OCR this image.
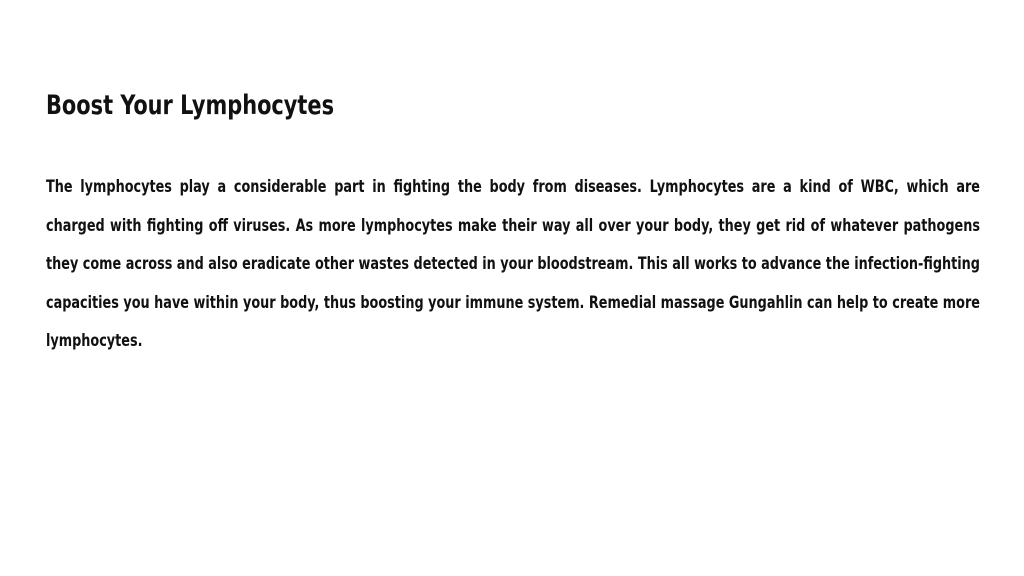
Boost Your Lymphocytes

The lymphocytes play a considerable part in fighting the body from diseases. Lymphocytes are a kind of WBC, which are charged with fighting off viruses. As more lymphocytes make their way all over your body, they get rid of whatever pathogens they come across and also eradicate other wastes detected in your bloodstream. This all works to advance the infection-fighting capacities you have within your body, thus boosting your immune system. Remedial massage Gungahlin can help to create more lymphocytes.
